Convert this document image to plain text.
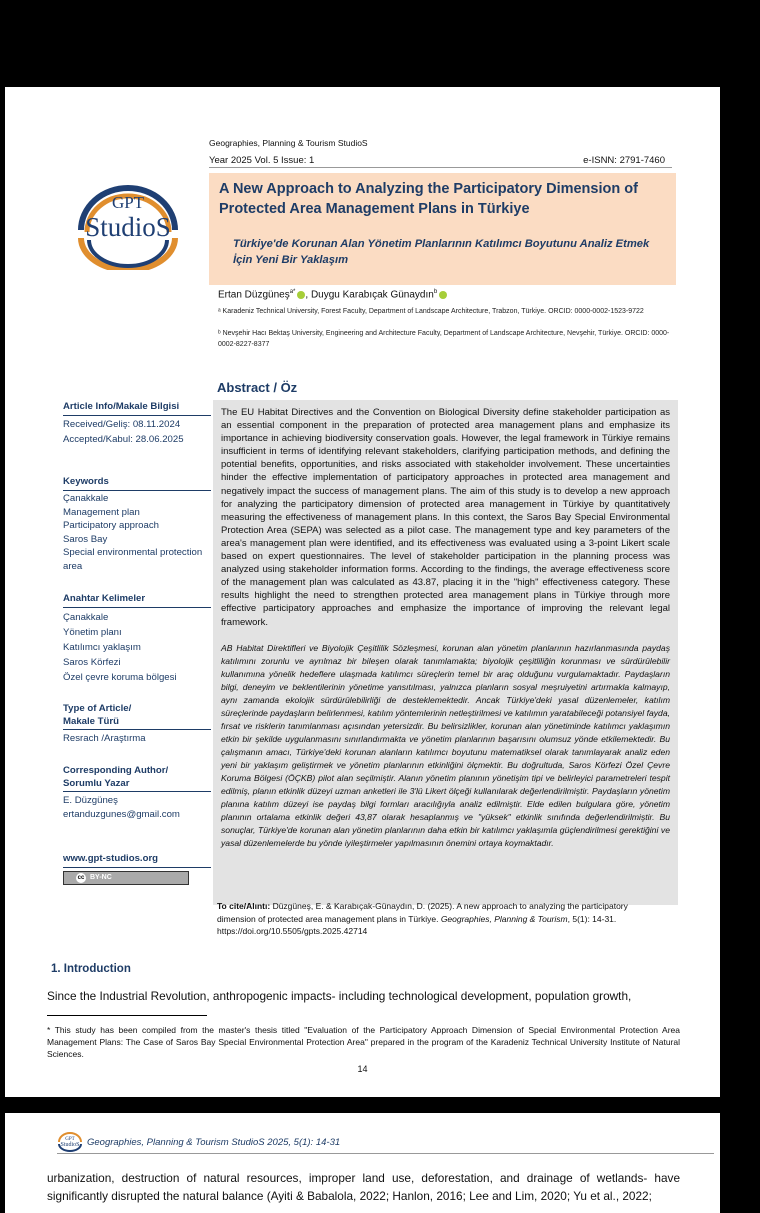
Geographies, Planning & Tourism StudioS
Year 2025 Vol. 5 Issue: 1	e-ISNN: 2791-7460
GPT
StudioS
A New Approach to Analyzing the Participatory Dimension of Protected Area Management Plans in Türkiye
Türkiye'de Korunan Alan Yönetim Planlarının Katılımcı Boyutunu Analiz Etmek İçin Yeni Bir Yaklaşım
Ertan Düzgüneş$^{a*}$ , Duygu Karabıçak Günaydın$^b$
ᵃ Karadeniz Technical University, Forest Faculty, Department of Landscape Architecture, Trabzon, Türkiye. ORCID: 0000-0002-1523-9722
ᵇ Nevşehir Hacı Bektaş University, Engineering and Architecture Faculty, Department of Landscape Architecture, Nevşehir, Türkiye. ORCID: 0000-0002-8227-8377
Abstract / Öz
The EU Habitat Directives and the Convention on Biological Diversity define stakeholder participation as an essential component in the preparation of protected area management plans and emphasize its importance in achieving biodiversity conservation goals. However, the legal framework in Türkiye remains insufficient in terms of identifying relevant stakeholders, clarifying participation methods, and defining the potential benefits, opportunities, and risks associated with stakeholder involvement. These uncertainties hinder the effective implementation of participatory approaches in protected area management and negatively impact the success of management plans. The aim of this study is to develop a new approach for analyzing the participatory dimension of protected area management in Türkiye by quantitatively measuring the effectiveness of management plans. In this context, the Saros Bay Special Environmental Protection Area (SEPA) was selected as a pilot case. The management type and key parameters of the area's management plan were identified, and its effectiveness was evaluated using a 3-point Likert scale based on expert questionnaires. The level of stakeholder participation in the planning process was analyzed using stakeholder information forms. According to the findings, the average effectiveness score of the management plan was calculated as 43.87, placing it in the "high" effectiveness category. These results highlight the need to strengthen protected area management plans in Türkiye through more effective participatory approaches and emphasize the importance of improving the relevant legal framework.
AB Habitat Direktifleri ve Biyolojik Çeşitlilik Sözleşmesi, korunan alan yönetim planlarının hazırlanmasında paydaş katılımını zorunlu ve ayrılmaz bir bileşen olarak tanımlamakta; biyolojik çeşitliliğin korunması ve sürdürülebilir kullanımına yönelik hedeflere ulaşmada katılımcı süreçlerin temel bir araç olduğunu vurgulamaktadır. Paydaşların bilgi, deneyim ve beklentilerinin yönetime yansıtılması, yalnızca planların sosyal meşruiyetini artırmakla kalmayıp, aynı zamanda ekolojik sürdürülebilirliği de desteklemektedir. Ancak Türkiye'deki yasal düzenlemeler, katılım süreçlerinde paydaşların belirlenmesi, katılım yöntemlerinin netleştirilmesi ve katılımın yaratabileceği potansiyel fayda, fırsat ve risklerin tanımlanması açısından yetersizdir. Bu belirsizlikler, korunan alan yönetiminde katılımcı yaklaşımın etkin bir şekilde uygulanmasını sınırlandırmakta ve yönetim planlarının başarısını olumsuz yönde etkilemektedir. Bu çalışmanın amacı, Türkiye'deki korunan alanların katılımcı boyutunu matematiksel olarak tanımlayarak analiz eden yeni bir yaklaşım geliştirmek ve yönetim planlarının etkinliğini ölçmektir. Bu doğrultuda, Saros Körfezi Özel Çevre Koruma Bölgesi (ÖÇKB) pilot alan seçilmiştir. Alanın yönetim planının yönetişim tipi ve belirleyici parametreleri tespit edilmiş, planın etkinlik düzeyi uzman anketleri ile 3'lü Likert ölçeği kullanılarak değerlendirilmiştir. Paydaşların yönetim planına katılım düzeyi ise paydaş bilgi formları aracılığıyla analiz edilmiştir. Elde edilen bulgulara göre, yönetim planının ortalama etkinlik değeri 43,87 olarak hesaplanmış ve "yüksek" etkinlik sınıfında değerlendirilmiştir. Bu sonuçlar, Türkiye'de korunan alan yönetim planlarının daha etkin bir katılımcı yaklaşımla güçlendirilmesi gerektiğini ve yasal düzenlemelerde bu yönde iyileştirmeler yapılmasının önemini ortaya koymaktadır.
Article Info/Makale Bilgisi
Received/Geliş: 08.11.2024
Accepted/Kabul: 28.06.2025
Keywords
Çanakkale
Management plan
Participatory approach
Saros Bay
Special environmental protection area
Anahtar Kelimeler
Çanakkale
Yönetim planı
Katılımcı yaklaşım
Saros Körfezi
Özel çevre koruma bölgesi
Type of Article/
Makale Türü
Resrach /Araştırma
Corresponding Author/
Sorumlu Yazar
E. Düzgüneş
ertanduzgunes@gmail.com
www.gpt-studios.org
cc BY-NC
To cite/Alıntı: Düzgüneş, E. & Karabıçak-Günaydın, D. (2025). A new approach to analyzing the participatory dimension of protected area management plans in Türkiye. Geographies, Planning & Tourism, 5(1): 14-31. https://doi.org/10.5505/gpts.2025.42714
1. Introduction
Since the Industrial Revolution, anthropogenic impacts- including technological development, population growth,
* This study has been compiled from the master's thesis titled "Evaluation of the Participatory Approach Dimension of Special Environmental Protection Area Management Plans: The Case of Saros Bay Special Environmental Protection Area" prepared in the program of the Karadeniz Technical University Institute of Natural Sciences.
14
GPT
StudioS Geographies, Planning & Tourism StudioS 2025, 5(1): 14-31
urbanization, destruction of natural resources, improper land use, deforestation, and drainage of wetlands- have significantly disrupted the natural balance (Ayiti & Babalola, 2022; Hanlon, 2016; Lee and Lim, 2020; Yu et al., 2022;
